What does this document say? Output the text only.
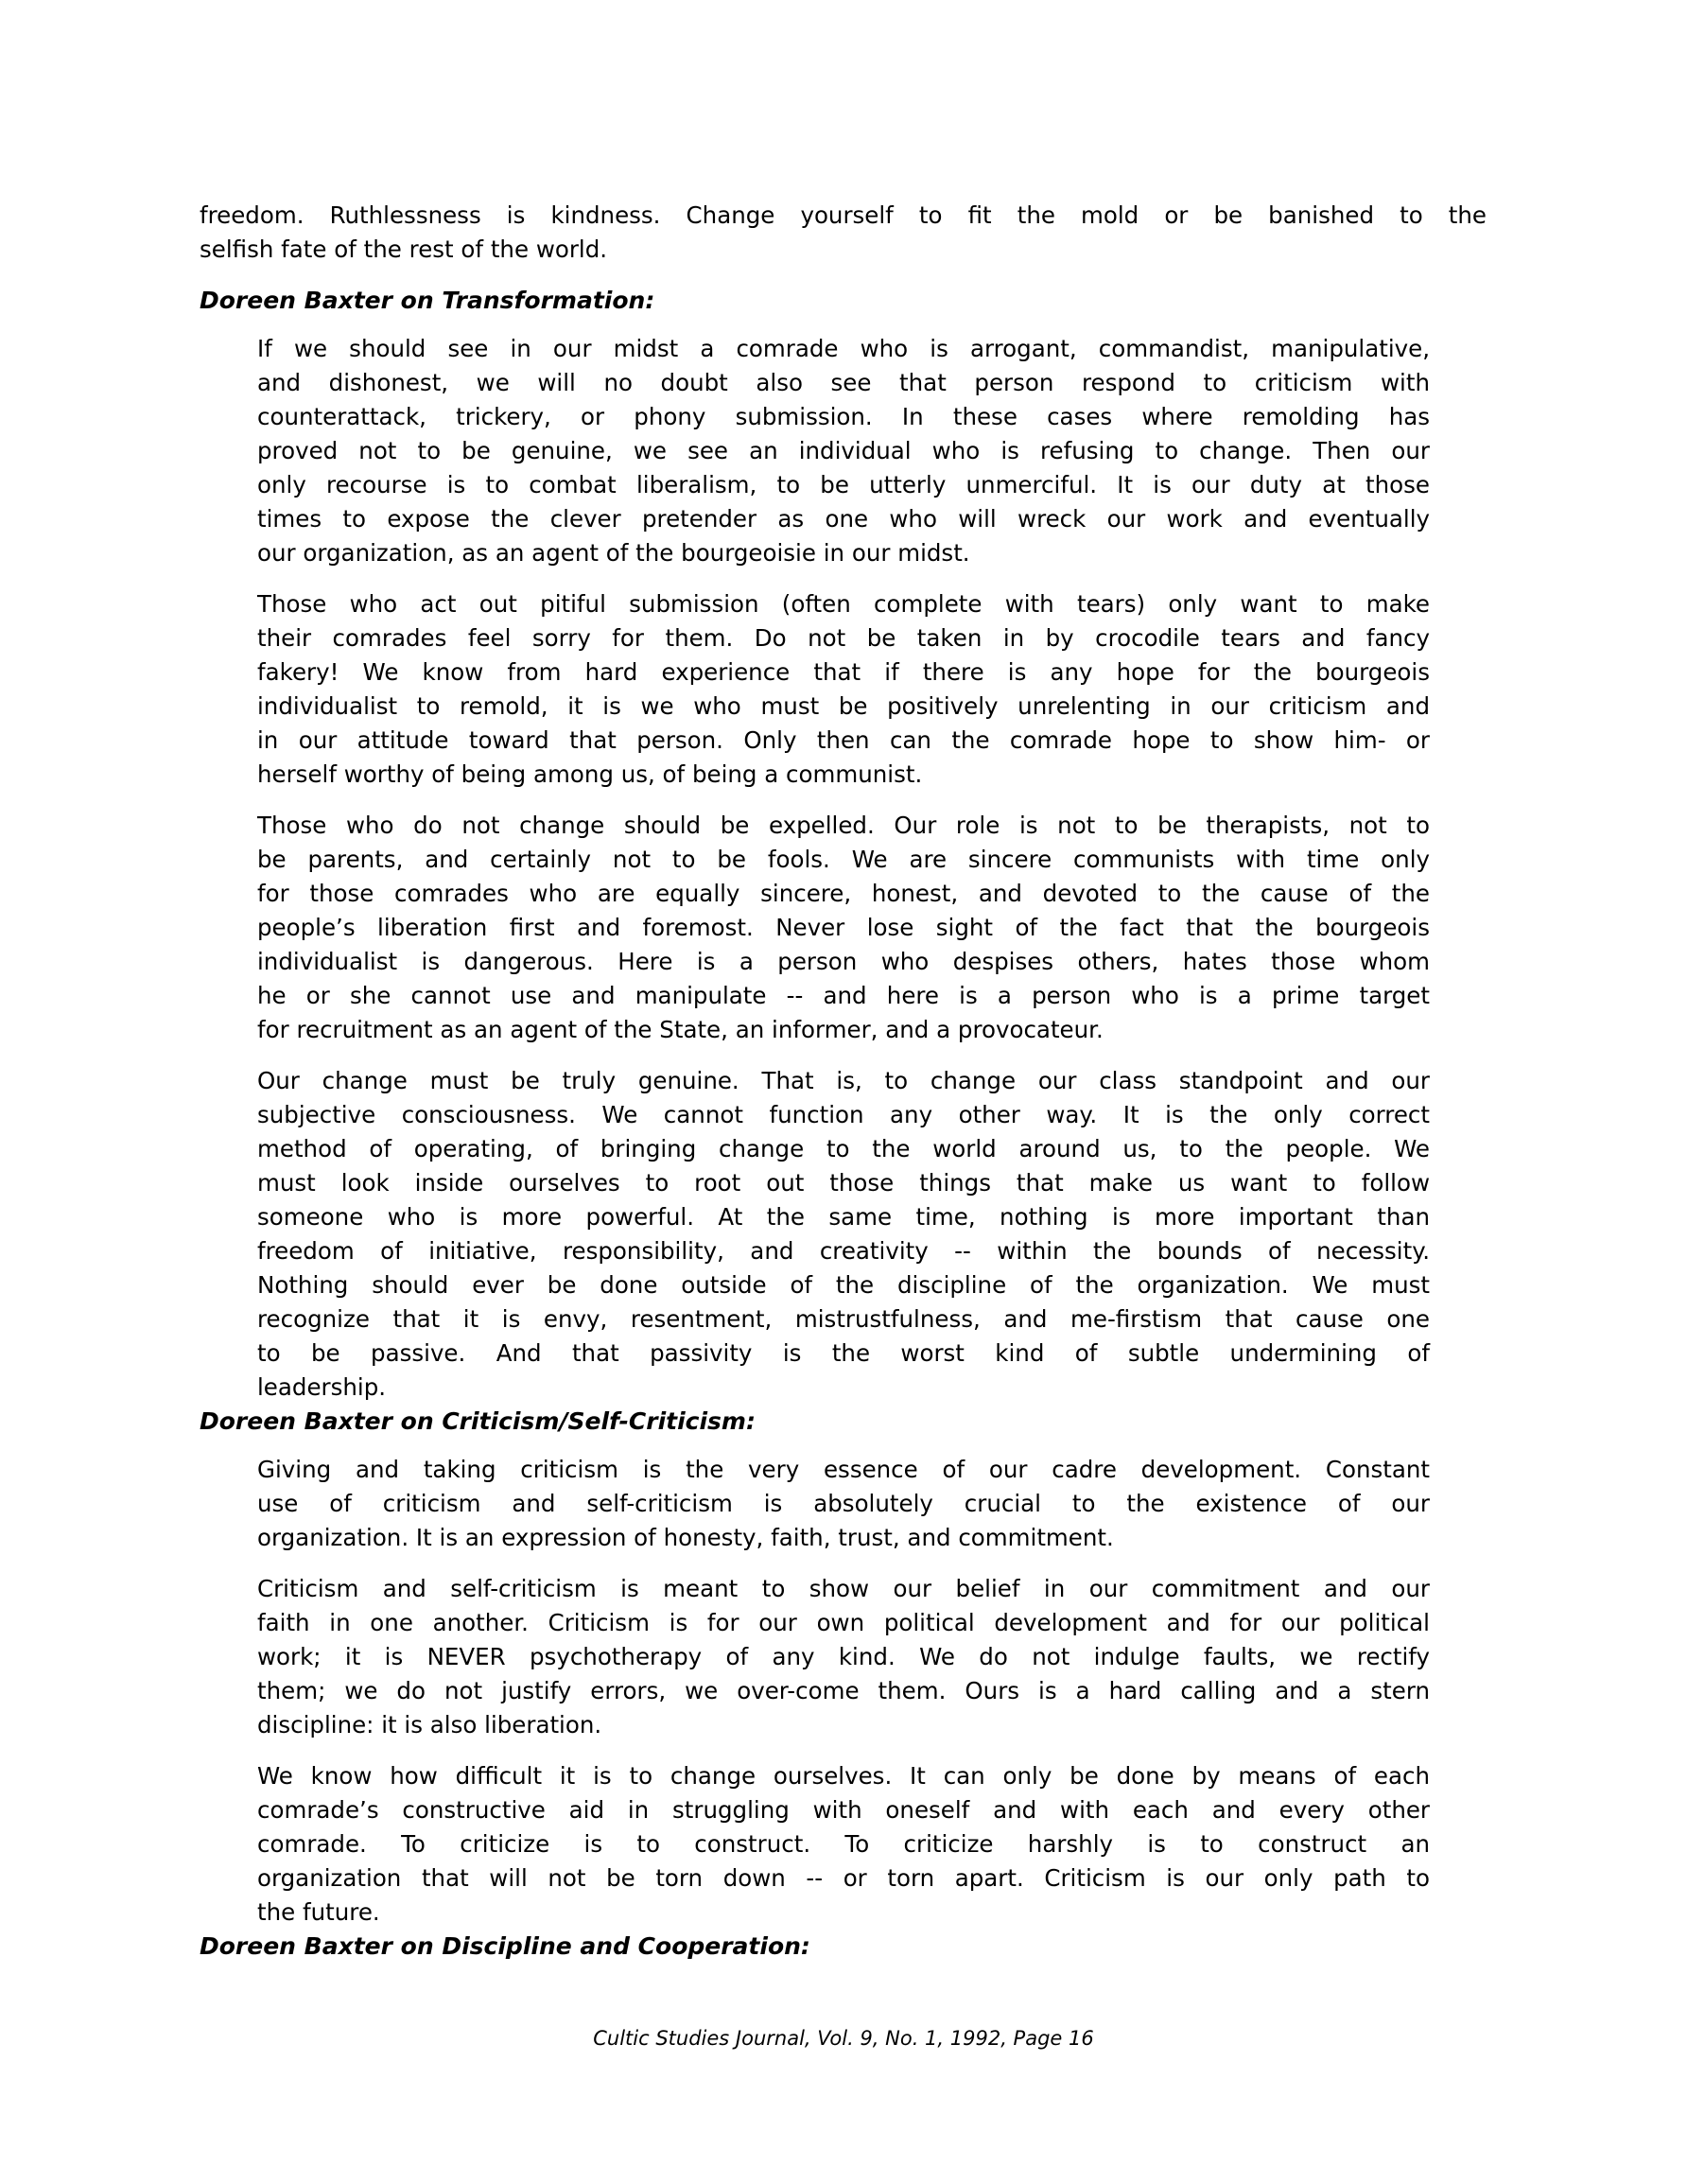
freedom. Ruthlessness is kindness. Change yourself to fit the mold or be banished to the
selfish fate of the rest of the world.
Doreen Baxter on Transformation:
If we should see in our midst a comrade who is arrogant, commandist, manipulative,
and dishonest, we will no doubt also see that person respond to criticism with
counterattack, trickery, or phony submission. In these cases where remolding has
proved not to be genuine, we see an individual who is refusing to change. Then our
only recourse is to combat liberalism, to be utterly unmerciful. It is our duty at those
times to expose the clever pretender as one who will wreck our work and eventually
our organization, as an agent of the bourgeoisie in our midst.
Those who act out pitiful submission (often complete with tears) only want to make
their comrades feel sorry for them. Do not be taken in by crocodile tears and fancy
fakery! We know from hard experience that if there is any hope for the bourgeois
individualist to remold, it is we who must be positively unrelenting in our criticism and
in our attitude toward that person. Only then can the comrade hope to show him- or
herself worthy of being among us, of being a communist.
Those who do not change should be expelled. Our role is not to be therapists, not to
be parents, and certainly not to be fools. We are sincere communists with time only
for those comrades who are equally sincere, honest, and devoted to the cause of the
people’s liberation first and foremost. Never lose sight of the fact that the bourgeois
individualist is dangerous. Here is a person who despises others, hates those whom
he or she cannot use and manipulate -- and here is a person who is a prime target
for recruitment as an agent of the State, an informer, and a provocateur.
Our change must be truly genuine. That is, to change our class standpoint and our
subjective consciousness. We cannot function any other way. It is the only correct
method of operating, of bringing change to the world around us, to the people. We
must look inside ourselves to root out those things that make us want to follow
someone who is more powerful. At the same time, nothing is more important than
freedom of initiative, responsibility, and creativity -- within the bounds of necessity.
Nothing should ever be done outside of the discipline of the organization. We must
recognize that it is envy, resentment, mistrustfulness, and me-firstism that cause one
to be passive. And that passivity is the worst kind of subtle undermining of
leadership.
Doreen Baxter on Criticism/Self-Criticism:
Giving and taking criticism is the very essence of our cadre development. Constant
use of criticism and self-criticism is absolutely crucial to the existence of our
organization. It is an expression of honesty, faith, trust, and commitment.
Criticism and self-criticism is meant to show our belief in our commitment and our
faith in one another. Criticism is for our own political development and for our political
work; it is NEVER psychotherapy of any kind. We do not indulge faults, we rectify
them; we do not justify errors, we over-come them. Ours is a hard calling and a stern
discipline: it is also liberation.
We know how difficult it is to change ourselves. It can only be done by means of each
comrade’s constructive aid in struggling with oneself and with each and every other
comrade. To criticize is to construct. To criticize harshly is to construct an
organization that will not be torn down -- or torn apart. Criticism is our only path to
the future.
Doreen Baxter on Discipline and Cooperation:
Cultic Studies Journal, Vol. 9, No. 1, 1992, Page 16
